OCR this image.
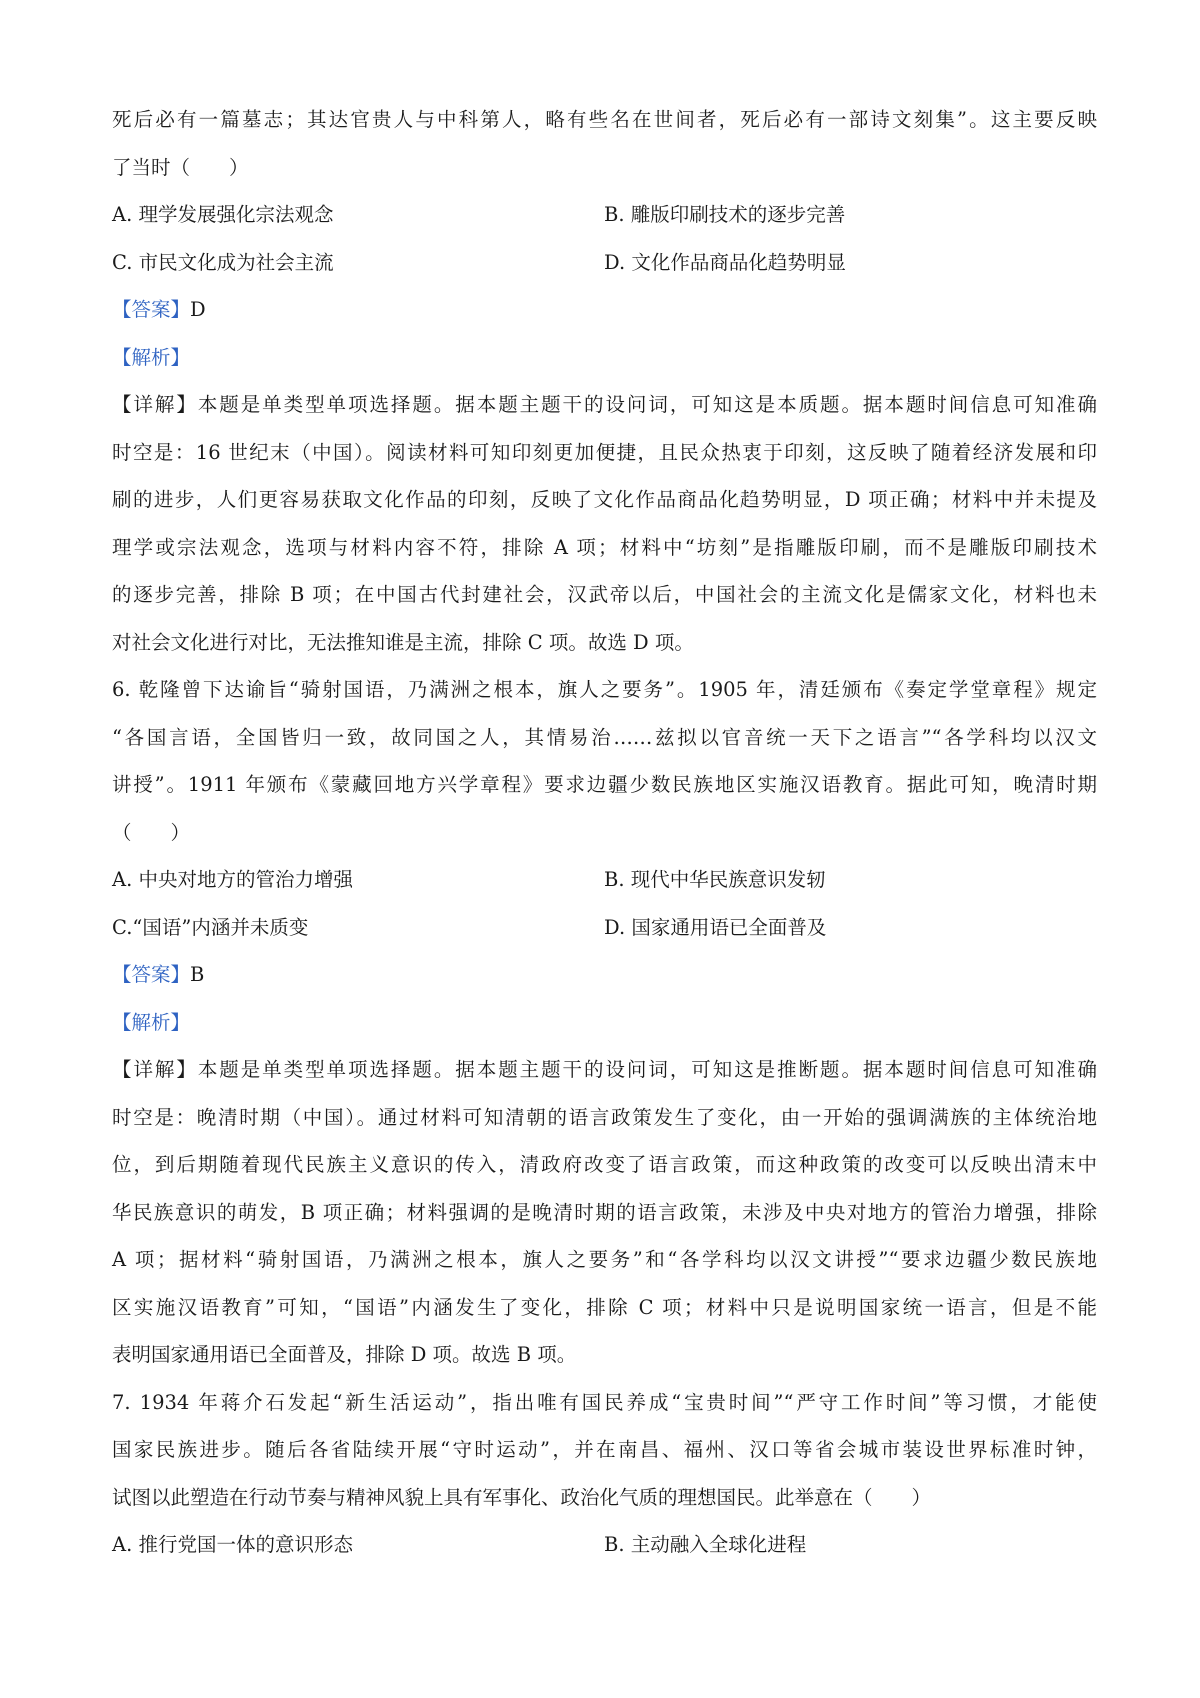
死后必有一篇墓志；其达官贵人与中科第人，略有些名在世间者，死后必有一部诗文刻集”。这主要反映
了当时（　　）
A. 理学发展强化宗法观念	B. 雕版印刷技术的逐步完善
C. 市民文化成为社会主流	D. 文化作品商品化趋势明显
【答案】D
【解析】
【详解】本题是单类型单项选择题。据本题主题干的设问词，可知这是本质题。据本题时间信息可知准确
时空是：16 世纪末（中国）。阅读材料可知印刻更加便捷，且民众热衷于印刻，这反映了随着经济发展和印
刷的进步，人们更容易获取文化作品的印刻，反映了文化作品商品化趋势明显，D 项正确；材料中并未提及
理学或宗法观念，选项与材料内容不符，排除 A 项；材料中“坊刻”是指雕版印刷，而不是雕版印刷技术
的逐步完善，排除 B 项；在中国古代封建社会，汉武帝以后，中国社会的主流文化是儒家文化，材料也未
对社会文化进行对比，无法推知谁是主流，排除 C 项。故选 D 项。
6. 乾隆曾下达谕旨“骑射国语，乃满洲之根本，旗人之要务”。1905 年，清廷颁布《奏定学堂章程》规定
“各国言语，全国皆归一致，故同国之人，其情易治……兹拟以官音统一天下之语言”“各学科均以汉文
讲授”。1911 年颁布《蒙藏回地方兴学章程》要求边疆少数民族地区实施汉语教育。据此可知，晚清时期
（　　）
A. 中央对地方的管治力增强	B. 现代中华民族意识发轫
C.“国语”内涵并未质变	D. 国家通用语已全面普及
【答案】B
【解析】
【详解】本题是单类型单项选择题。据本题主题干的设问词，可知这是推断题。据本题时间信息可知准确
时空是：晚清时期（中国）。通过材料可知清朝的语言政策发生了变化，由一开始的强调满族的主体统治地
位，到后期随着现代民族主义意识的传入，清政府改变了语言政策，而这种政策的改变可以反映出清末中
华民族意识的萌发，B 项正确；材料强调的是晚清时期的语言政策，未涉及中央对地方的管治力增强，排除
A 项；据材料“骑射国语，乃满洲之根本，旗人之要务”和“各学科均以汉文讲授”“要求边疆少数民族地
区实施汉语教育”可知，“国语”内涵发生了变化，排除 C 项；材料中只是说明国家统一语言，但是不能
表明国家通用语已全面普及，排除 D 项。故选 B 项。
7. 1934 年蒋介石发起“新生活运动”，指出唯有国民养成“宝贵时间”“严守工作时间”等习惯，才能使
国家民族进步。随后各省陆续开展“守时运动”，并在南昌、福州、汉口等省会城市装设世界标准时钟，
试图以此塑造在行动节奏与精神风貌上具有军事化、政治化气质的理想国民。此举意在（　　）
A. 推行党国一体的意识形态	B. 主动融入全球化进程
